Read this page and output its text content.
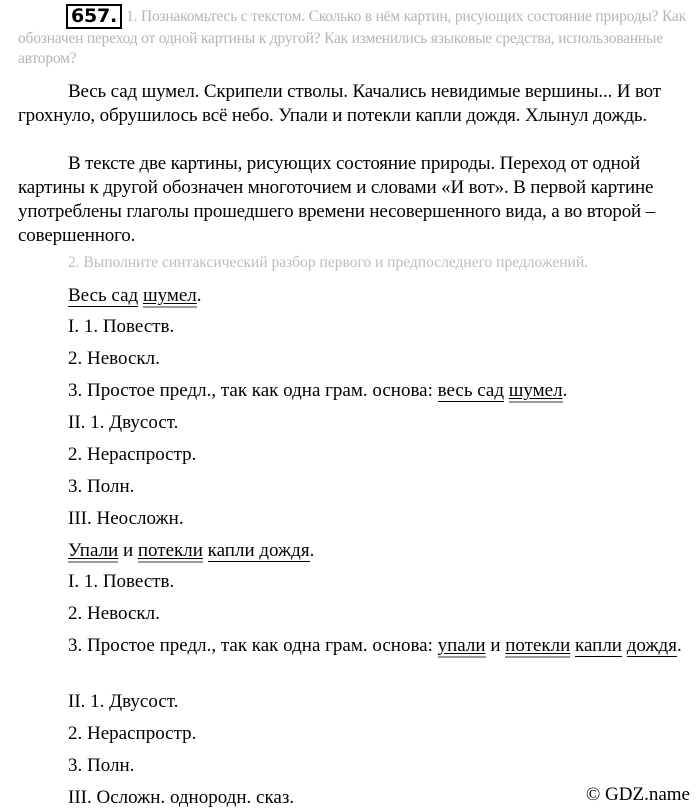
657. 1. Познакомьтесь с текстом. Сколько в нём картин, рисующих состояние природы? Как обозначен переход от одной картины к другой? Как изменились языковые средства, использованные автором?
Весь сад шумел. Скрипели стволы. Качались невидимые вершины... И вот грохнуло, обрушилось всё небо. Упали и потекли капли дождя. Хлынул дождь.
В тексте две картины, рисующих состояние природы. Переход от одной картины к другой обозначен многоточием и словами «И вот». В первой картине употреблены глаголы прошедшего времени несовершенного вида, а во второй – совершенного.
2. Выполните синтаксический разбор первого и предпоследнего предложений.
Весь сад шумел.
I. 1. Повеств.
2. Невоскл.
3. Простое предл., так как одна грам. основа: весь сад шумел.
II. 1. Двусост.
2. Нераспростр.
3. Полн.
III. Неосложн.
Упали и потекли капли дождя.
I. 1. Повеств.
2. Невоскл.
3. Простое предл., так как одна грам. основа: упали и потекли капли дождя.
II. 1. Двусост.
2. Нераспростр.
3. Полн.
III. Осложн. однородн. сказ.	© GDZ.name
